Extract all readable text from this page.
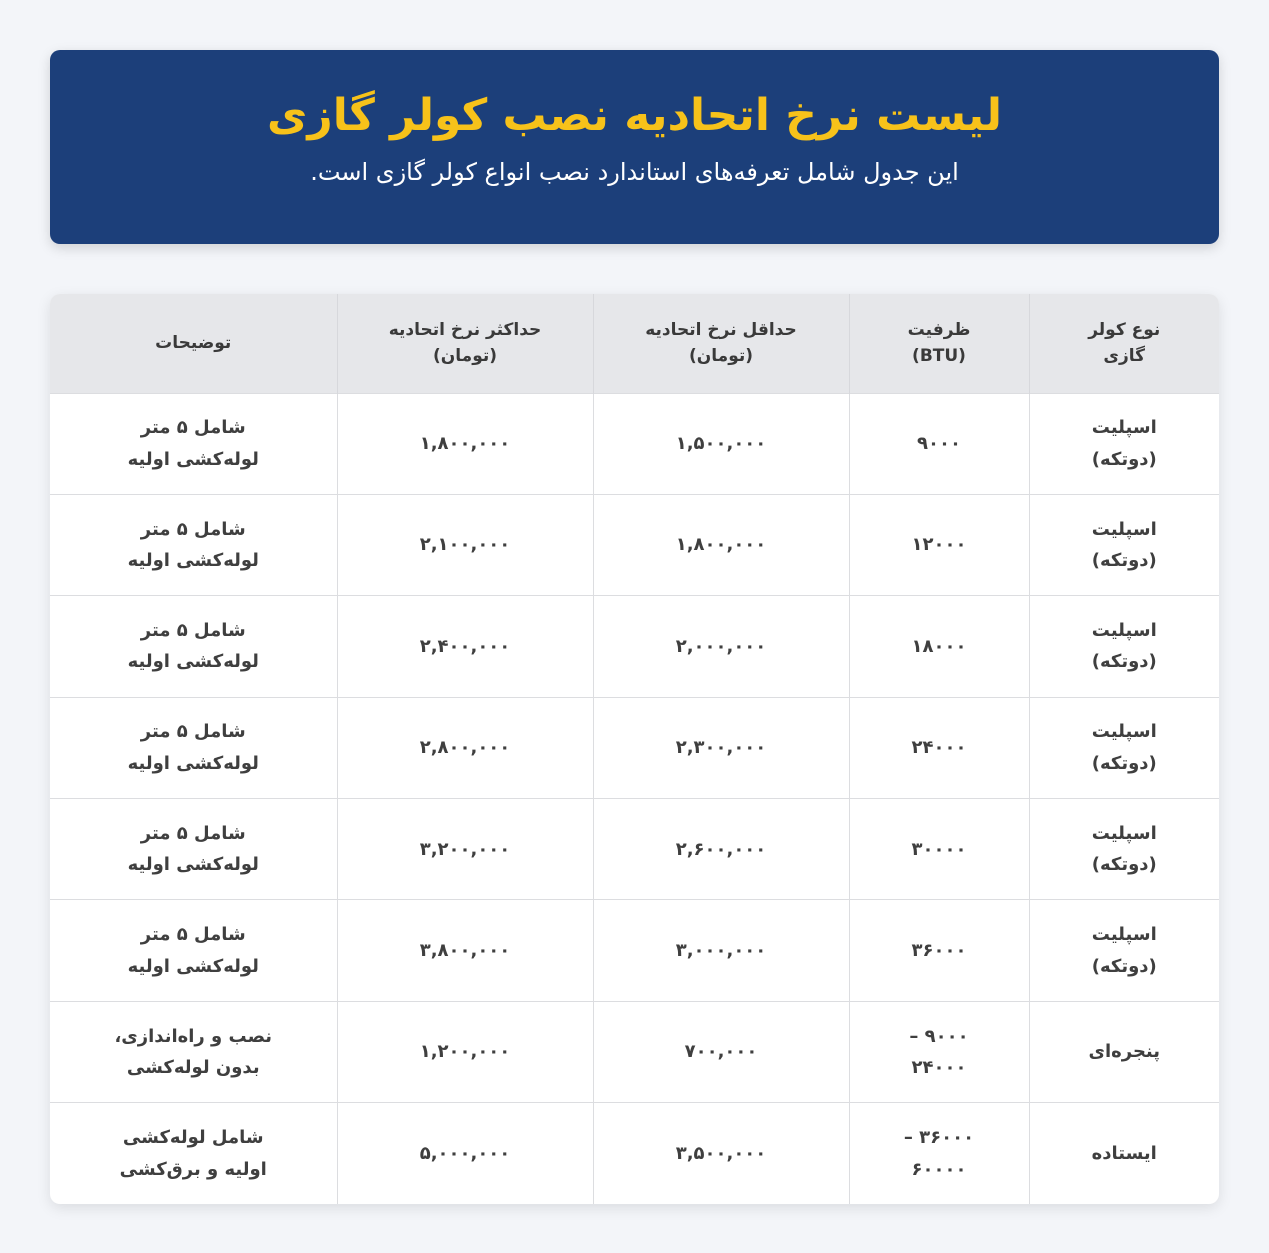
لیست نرخ اتحادیه نصب کولر گازی

این جدول شامل تعرفه‌های استاندارد نصب انواع کولر گازی است.

نوع کولر گازی	ظرفیت (BTU)	حداقل نرخ اتحادیه (تومان)	حداکثر نرخ اتحادیه (تومان)	توضیحات
اسپلیت (دوتکه)	۹۰۰۰	۱,۵۰۰,۰۰۰	۱,۸۰۰,۰۰۰	شامل ۵ متر لوله‌کشی اولیه
اسپلیت (دوتکه)	۱۲۰۰۰	۱,۸۰۰,۰۰۰	۲,۱۰۰,۰۰۰	شامل ۵ متر لوله‌کشی اولیه
اسپلیت (دوتکه)	۱۸۰۰۰	۲,۰۰۰,۰۰۰	۲,۴۰۰,۰۰۰	شامل ۵ متر لوله‌کشی اولیه
اسپلیت (دوتکه)	۲۴۰۰۰	۲,۳۰۰,۰۰۰	۲,۸۰۰,۰۰۰	شامل ۵ متر لوله‌کشی اولیه
اسپلیت (دوتکه)	۳۰۰۰۰	۲,۶۰۰,۰۰۰	۳,۲۰۰,۰۰۰	شامل ۵ متر لوله‌کشی اولیه
اسپلیت (دوتکه)	۳۶۰۰۰	۳,۰۰۰,۰۰۰	۳,۸۰۰,۰۰۰	شامل ۵ متر لوله‌کشی اولیه
پنجره‌ای	۹۰۰۰ – ۲۴۰۰۰	۷۰۰,۰۰۰	۱,۲۰۰,۰۰۰	نصب و راه‌اندازی، بدون لوله‌کشی
ایستاده	۳۶۰۰۰ – ۶۰۰۰۰	۳,۵۰۰,۰۰۰	۵,۰۰۰,۰۰۰	شامل لوله‌کشی اولیه و برق‌کشی
